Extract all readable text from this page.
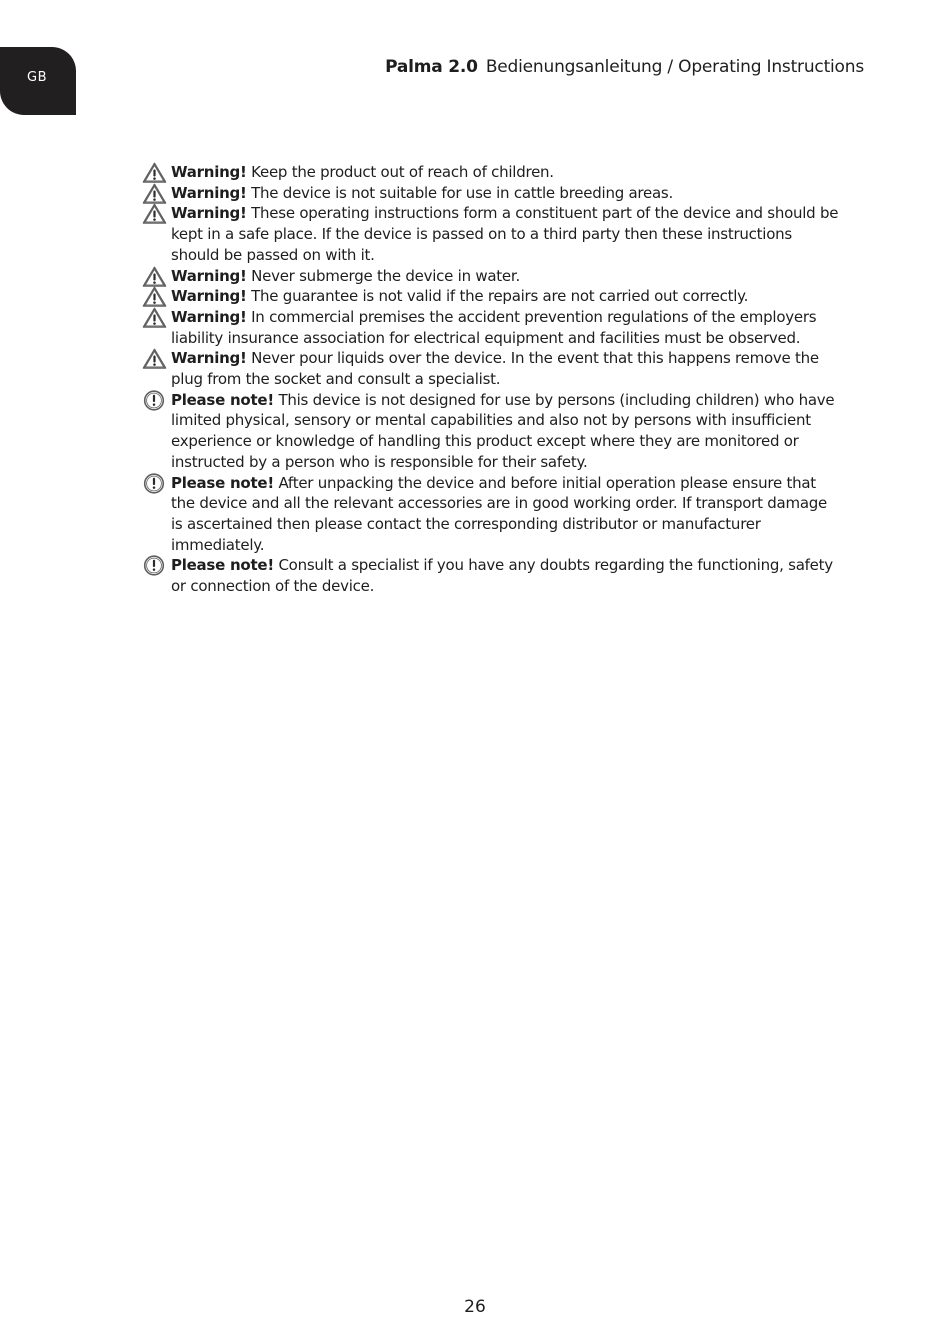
GB
Palma 2.0 Bedienungsanleitung / Operating Instructions
Warning! Keep the product out of reach of children.
Warning! The device is not suitable for use in cattle breeding areas.
Warning! These operating instructions form a constituent part of the device and should be kept in a safe place. If the device is passed on to a third party then these instructions should be passed on with it.
Warning! Never submerge the device in water.
Warning! The guarantee is not valid if the repairs are not carried out correctly.
Warning! In commercial premises the accident prevention regulations of the employers liability insurance association for electrical equipment and facilities must be observed.
Warning! Never pour liquids over the device. In the event that this happens remove the plug from the socket and consult a specialist.
Please note! This device is not designed for use by persons (including children) who have limited physical, sensory or mental capabilities and also not by persons with insufficient experience or knowledge of handling this product except where they are monitored or instructed by a person who is responsible for their safety.
Please note! After unpacking the device and before initial operation please ensure that the device and all the relevant accessories are in good working order. If transport damage is ascertained then please contact the corresponding distributor or manufacturer immediately.
Please note! Consult a specialist if you have any doubts regarding the functioning, safety or connection of the device.
26
